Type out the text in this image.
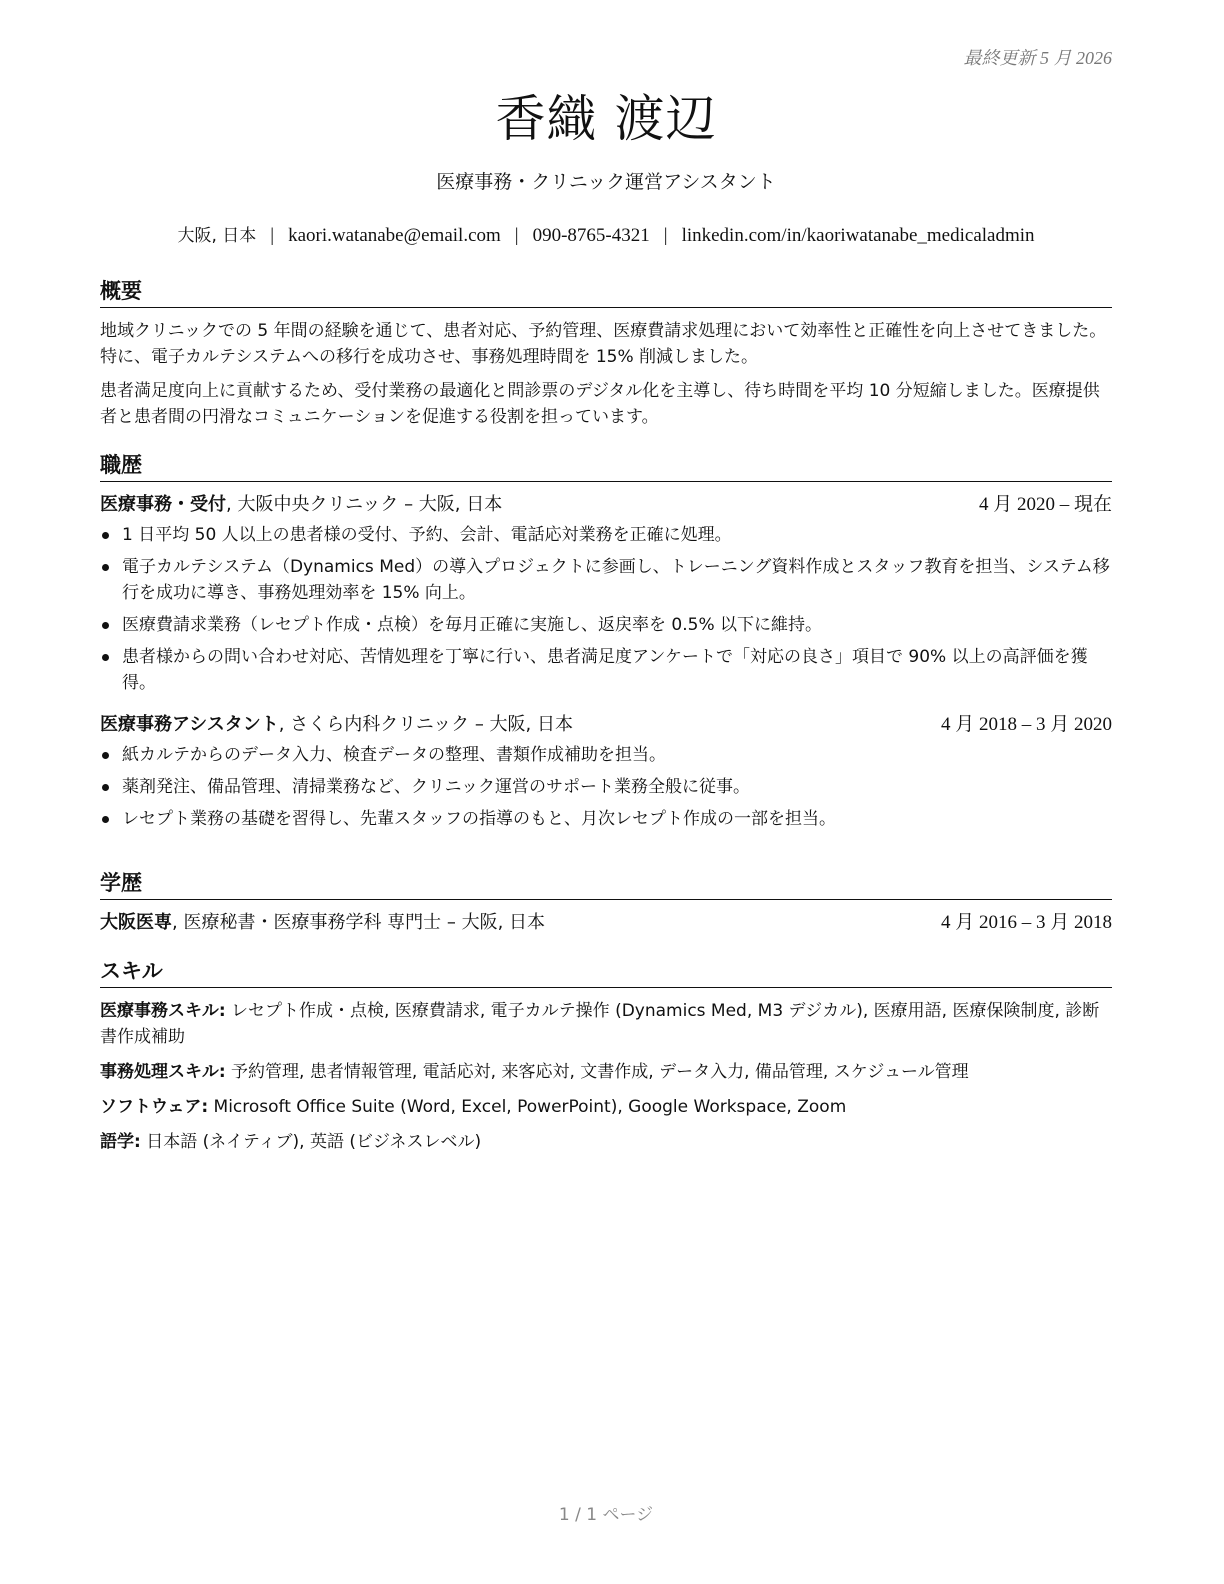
最終更新 5 月 2026
香織 渡辺
医療事務・クリニック運営アシスタント
大阪, 日本 | kaori.watanabe@email.com | 090-8765-4321 | linkedin.com/in/kaoriwatanabe_medicaladmin
概要

地域クリニックでの 5 年間の経験を通じて、患者対応、予約管理、医療費請求処理において効率性と正確性を向上させてきました。特に、電子カルテシステムへの移行を成功させ、事務処理時間を 15% 削減しました。

患者満足度向上に貢献するため、受付業務の最適化と問診票のデジタル化を主導し、待ち時間を平均 10 分短縮しました。医療提供者と患者間の円滑なコミュニケーションを促進する役割を担っています。

職歴
医療事務・受付, 大阪中央クリニック – 大阪, 日本	4 月 2020 – 現在
1 日平均 50 人以上の患者様の受付、予約、会計、電話応対業務を正確に処理。
電子カルテシステム（Dynamics Med）の導入プロジェクトに参画し、トレーニング資料作成とスタッフ教育を担当、システム移行を成功に導き、事務処理効率を 15% 向上。
医療費請求業務（レセプト作成・点検）を毎月正確に実施し、返戻率を 0.5% 以下に維持。
患者様からの問い合わせ対応、苦情処理を丁寧に行い、患者満足度アンケートで「対応の良さ」項目で 90% 以上の高評価を獲得。
医療事務アシスタント, さくら内科クリニック – 大阪, 日本	4 月 2018 – 3 月 2020
紙カルテからのデータ入力、検査データの整理、書類作成補助を担当。
薬剤発注、備品管理、清掃業務など、クリニック運営のサポート業務全般に従事。
レセプト業務の基礎を習得し、先輩スタッフの指導のもと、月次レセプト作成の一部を担当。
学歴
大阪医専, 医療秘書・医療事務学科 専門士 – 大阪, 日本	4 月 2016 – 3 月 2018
スキル
医療事務スキル: レセプト作成・点検, 医療費請求, 電子カルテ操作 (Dynamics Med, M3 デジカル), 医療用語, 医療保険制度, 診断書作成補助
事務処理スキル: 予約管理, 患者情報管理, 電話応対, 来客応対, 文書作成, データ入力, 備品管理, スケジュール管理
ソフトウェア: Microsoft Office Suite (Word, Excel, PowerPoint), Google Workspace, Zoom
語学: 日本語 (ネイティブ), 英語 (ビジネスレベル)
1 / 1 ページ
